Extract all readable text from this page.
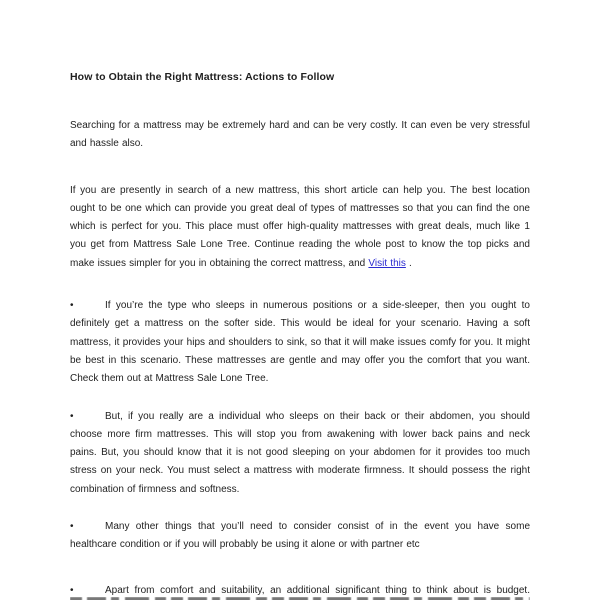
How to Obtain the Right Mattress: Actions to Follow

Searching for a mattress may be extremely hard and can be very costly. It can even be very stressful and hassle also.

If you are presently in search of a new mattress, this short article can help you. The best location ought to be one which can provide you great deal of types of mattresses so that you can find the one which is perfect for you. This place must offer high-quality mattresses with great deals, much like 1 you get from Mattress Sale Lone Tree. Continue reading the whole post to know the top picks and make issues simpler for you in obtaining the correct mattress, and Visit this .

•	If you’re the type who sleeps in numerous positions or a side-sleeper, then you ought to definitely get a mattress on the softer side. This would be ideal for your scenario. Having a soft mattress, it provides your hips and shoulders to sink, so that it will make issues comfy for you. It might be best in this scenario. These mattresses are gentle and may offer you the comfort that you want. Check them out at Mattress Sale Lone Tree.

•	But, if you really are a individual who sleeps on their back or their abdomen, you should choose more firm mattresses. This will stop you from awakening with lower back pains and neck pains. But, you should know that it is not good sleeping on your abdomen for it provides too much stress on your neck. You must select a mattress with moderate firmness. It should possess the right combination of firmness and softness.

•	Many other things that you’ll need to consider consist of in the event you have some healthcare condition or if you will probably be using it alone or with partner etc

•	Apart from comfort and suitability, an additional significant thing to think about is budget.
